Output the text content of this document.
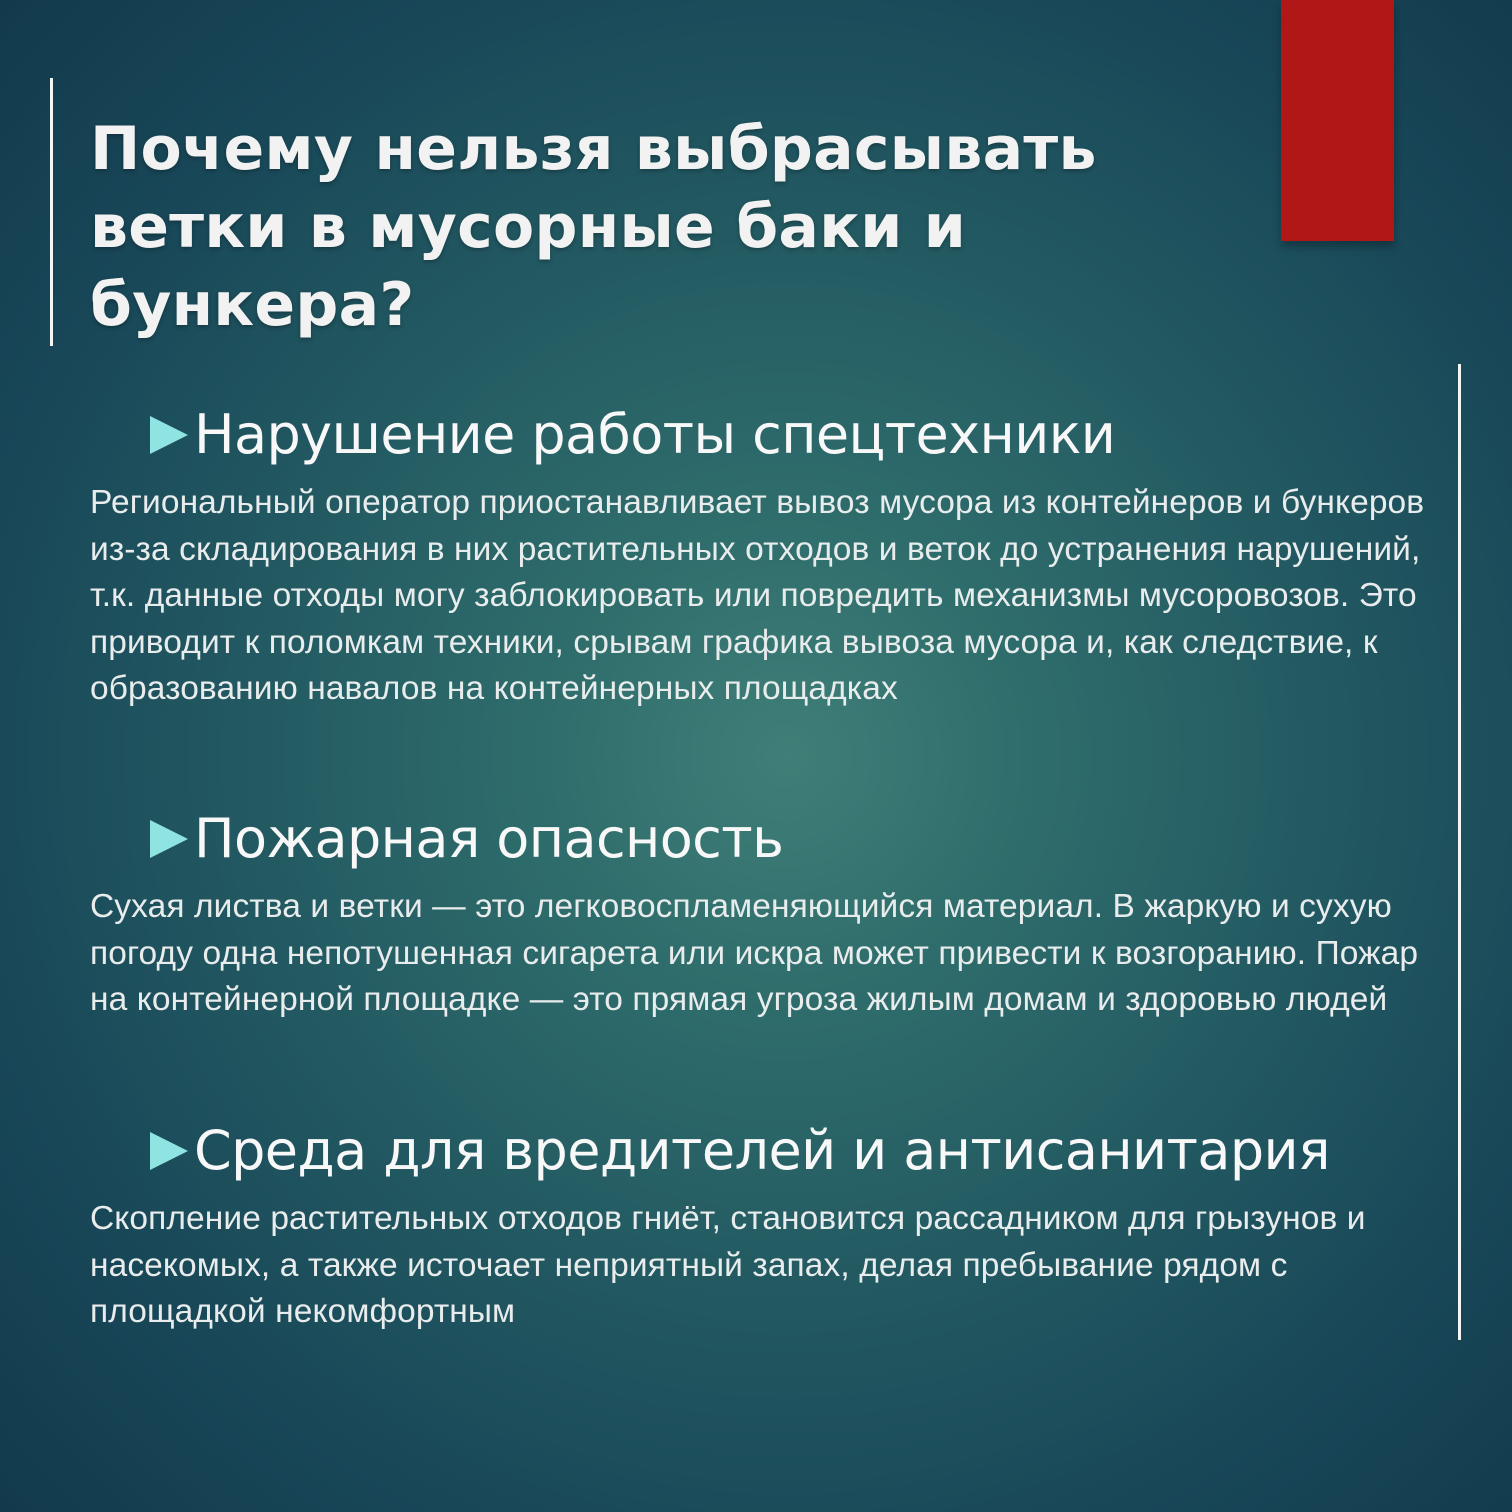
Почему нельзя выбрасывать ветки в мусорные баки и бункера?
Нарушение работы спецтехники

Региональный оператор приостанавливает вывоз мусора из контейнеров и бункеров из-за складирования в них растительных отходов и веток до устранения нарушений, т.к. данные отходы могу заблокировать или повредить механизмы мусоровозов. Это приводит к поломкам техники, срывам графика вывоза мусора и, как следствие, к образованию навалов на контейнерных площадках

Пожарная опасность

Сухая листва и ветки — это легковоспламеняющийся материал. В жаркую и сухую погоду одна непотушенная сигарета или искра может привести к возгоранию. Пожар на контейнерной площадке — это прямая угроза жилым домам и здоровью людей

Среда для вредителей и антисанитария

Скопление растительных отходов гниёт, становится рассадником для грызунов и насекомых, а также источает неприятный запах, делая пребывание рядом с площадкой некомфортным
